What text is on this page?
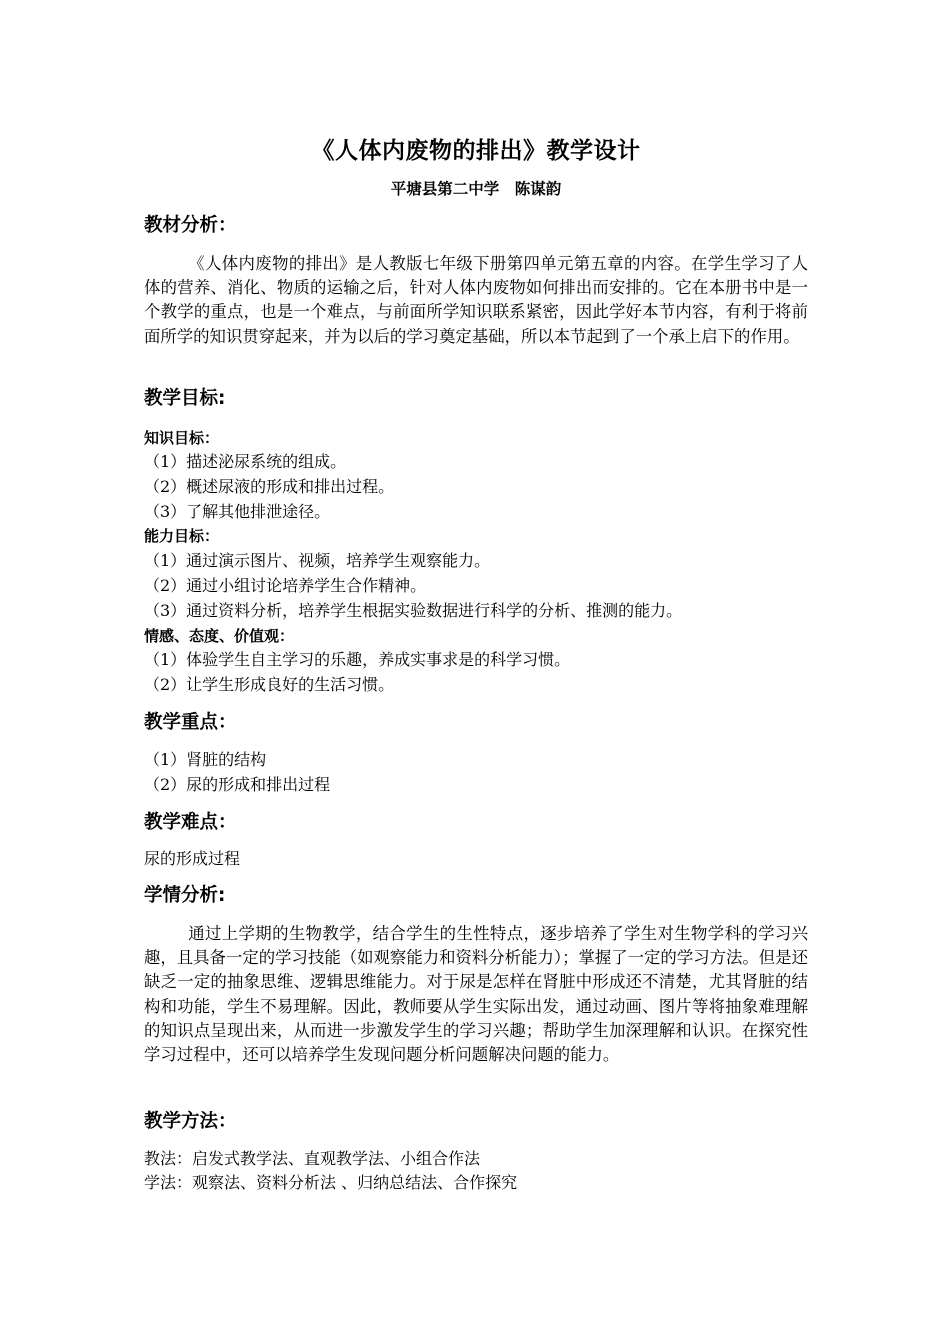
《人体内废物的排出》教学设计
平塘县第二中学　陈谋韵
教材分析：

《人体内废物的排出》是人教版七年级下册第四单元第五章的内容。在学生学习了人体的营养、消化、物质的运输之后，针对人体内废物如何排出而安排的。它在本册书中是一个教学的重点，也是一个难点，与前面所学知识联系紧密，因此学好本节内容，有利于将前面所学的知识贯穿起来，并为以后的学习奠定基础，所以本节起到了一个承上启下的作用。

教学目标:
知识目标：
（1）描述泌尿系统的组成。
（2）概述尿液的形成和排出过程。
（3）了解其他排泄途径。
能力目标：
（1）通过演示图片、视频，培养学生观察能力。
（2）通过小组讨论培养学生合作精神。
（3）通过资料分析，培养学生根据实验数据进行科学的分析、推测的能力。
情感、态度、价值观：
（1）体验学生自主学习的乐趣，养成实事求是的科学习惯。
（2）让学生形成良好的生活习惯。
教学重点：
（1）肾脏的结构
（2）尿的形成和排出过程
教学难点：
尿的形成过程
学情分析:

通过上学期的生物教学，结合学生的生性特点，逐步培养了学生对生物学科的学习兴趣，且具备一定的学习技能（如观察能力和资料分析能力）；掌握了一定的学习方法。但是还缺乏一定的抽象思维、逻辑思维能力。对于尿是怎样在肾脏中形成还不清楚，尤其肾脏的结构和功能，学生不易理解。因此，教师要从学生实际出发，通过动画、图片等将抽象难理解的知识点呈现出来，从而进一步激发学生的学习兴趣；帮助学生加深理解和认识。在探究性学习过程中，还可以培养学生发现问题分析问题解决问题的能力。

教学方法：
教法：启发式教学法、直观教学法、小组合作法
学法：观察法、资料分析法 、归纳总结法、合作探究
